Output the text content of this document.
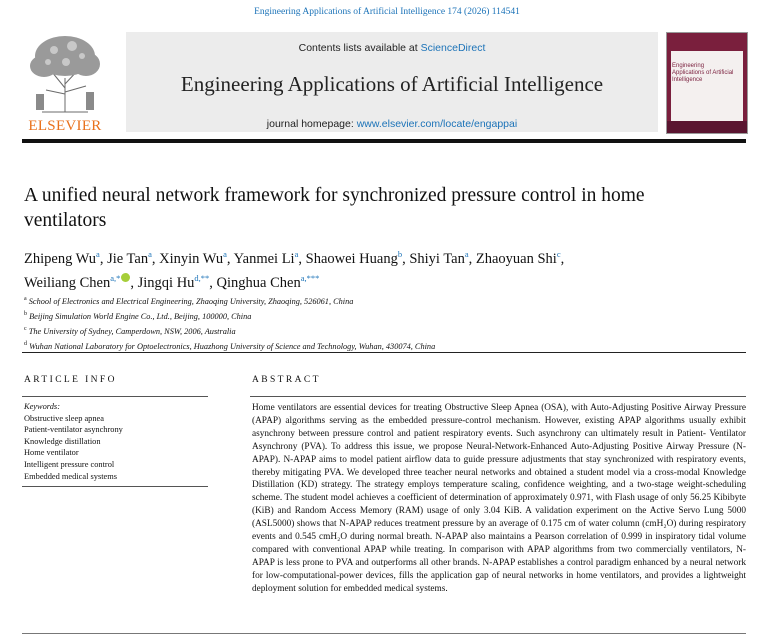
Engineering Applications of Artificial Intelligence 174 (2026) 114541
ELSEVIER
Contents lists available at ScienceDirect
Engineering Applications of Artificial Intelligence
journal homepage: www.elsevier.com/locate/engappai
Engineering Applications of Artificial Intelligence
A unified neural network framework for synchronized pressure control in home ventilators
Zhipeng Wu$^a$, Jie Tan$^a$, Xinyin Wu$^a$, Yanmei Li$^a$, Shaowei Huang$^b$, Shiyi Tan$^a$, Zhaoyuan Shi$^c$,
Weiliang Chen$^{a,*}$ , Jingqi $Hu^{d,**}$, Qinghua Chen$^{a,***}$
$^a$ School of Electronics and Electrical Engineering, Zhaoqing University, Zhaoqing, 526061, China
$^b$ Beijing Simulation World Engine Co., Ltd., Beijing, 100000, China
$^c$ The University of Sydney, Camperdown, NSW, 2006, Australia
$^d$ Wuhan National Laboratory for Optoelectronics, Huazhong University of Science and Technology, Wuhan, 430074, China
ARTICLE INFO	ABSTRACT
Keywords:
Obstructive sleep apnea
Patient-ventilator asynchrony
Knowledge distillation
Home ventilator
Intelligent pressure control
Embedded medical systems

Home ventilators are essential devices for treating Obstructive Sleep Apnea (OSA), with Auto-Adjusting Positive Airway Pressure (APAP) algorithms serving as the embedded pressure-control mechanism. However, existing APAP algorithms usually exhibit asynchrony between pressure control and patient respiratory events. Such asynchrony can ultimately result in Patient- Ventilator Asynchrony (PVA). To address this issue, we propose Neural-Network-Enhanced Auto-Adjusting Positive Airway Pressure (N-APAP). N-APAP aims to model patient airflow data to guide pressure adjustments that stay synchronized with respiratory events, thereby mitigating PVA. We developed three teacher neural networks and obtained a student model via a cross-modal Knowledge Distillation (KD) strategy. The strategy employs temperature scaling, confidence weighting, and a two-stage weight-scheduling scheme. The student model achieves a coefficient of determination of approximately 0.971, with Flash usage of only 56.25 Kibibyte (KiB) and Random Access Memory (RAM) usage of only 3.04 KiB. A validation experiment on the Active Servo Lung 5000 (ASL5000) shows that N-APAP reduces treatment pressure by an average of 0.175 cm of water column (cmH₂O) during respiratory events and 0.545 cmH₂O during normal breath. N-APAP also maintains a Pearson correlation of 0.999 in inspiratory tidal volume compared with conventional APAP while treating. In comparison with APAP algorithms from two commercially ventilators, N-APAP is less prone to PVA and outperforms all other brands. N-APAP establishes a control paradigm enhanced by a neural network for low-computational-power devices, fills the application gap of neural networks in home ventilators, and provides a lightweight deployment solution for embedded medical systems.
